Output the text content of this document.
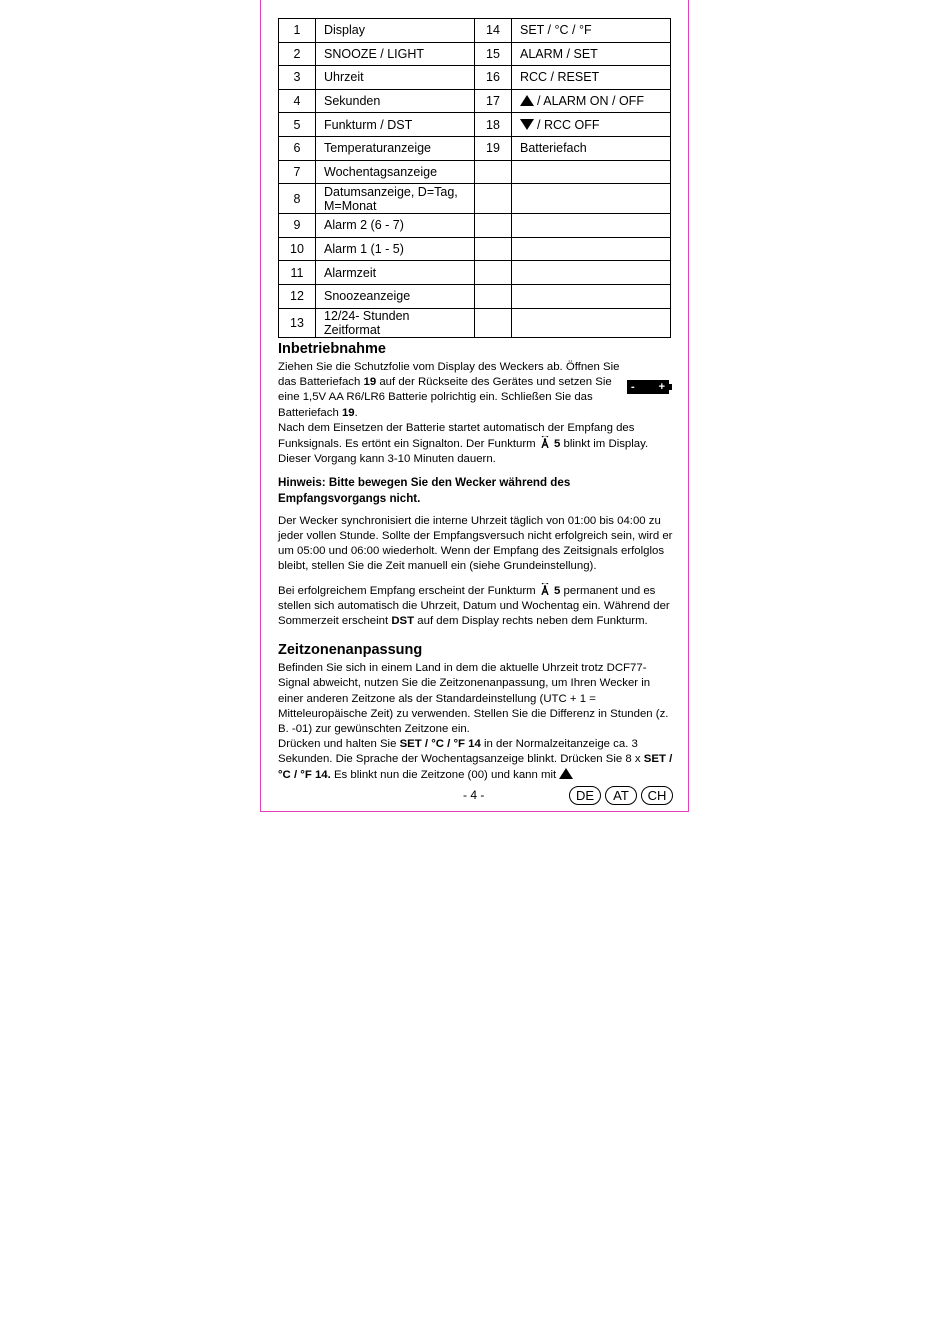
1	Display	14	SET / °C / °F
2	SNOOZE / LIGHT	15	ALARM / SET
3	Uhrzeit	16	RCC / RESET
4	Sekunden	17	/ ALARM ON / OFF
5	Funkturm / DST	18	/ RCC OFF
6	Temperaturanzeige	19	Batteriefach
7	Wochentagsanzeige		
8	Datumsanzeige, D=Tag, M=Monat		
9	Alarm 2 (6 - 7)		
10	Alarm 1 (1 - 5)		
11	Alarmzeit		
12	Snoozeanzeige		
13	12/24- Stunden Zeitformat		
- +
Inbetriebnahme

Ziehen Sie die Schutzfolie vom Display des Weckers ab. Öffnen Sie das Batteriefach 19 auf der Rückseite des Gerätes und setzen Sie eine 1,5V AA R6/LR6 Batterie polrichtig ein. Schließen Sie das Batteriefach 19.

Nach dem Einsetzen der Batterie startet automatisch der Empfang des Funksignals. Es ertönt ein Signalton. Der Funkturm  5 blinkt im Display. Dieser Vorgang kann 3-10 Minuten dauern.

Hinweis: Bitte bewegen Sie den Wecker während des Empfangsvorgangs nicht.

Der Wecker synchronisiert die interne Uhrzeit täglich von 01:00 bis 04:00 zu jeder vollen Stunde. Sollte der Empfangsversuch nicht erfolgreich sein, wird er um 05:00 und 06:00 wiederholt. Wenn der Empfang des Zeitsignals erfolglos bleibt, stellen Sie die Zeit manuell ein (siehe Grundeinstellung).

Bei erfolgreichem Empfang erscheint der Funkturm  5 permanent und es stellen sich automatisch die Uhrzeit, Datum und Wochentag ein. Während der Sommerzeit erscheint DST auf dem Display rechts neben dem Funkturm.

Zeitzonenanpassung

Befinden Sie sich in einem Land in dem die aktuelle Uhrzeit trotz DCF77-Signal abweicht, nutzen Sie die Zeitzonenanpassung, um Ihren Wecker in einer anderen Zeitzone als der Standardeinstellung (UTC + 1 = Mitteleuropäische Zeit) zu verwenden. Stellen Sie die Differenz in Stunden (z. B. -01) zur gewünschten Zeitzone ein.

Drücken und halten Sie SET / °C / °F 14 in der Normalzeitanzeige ca. 3 Sekunden. Die Sprache der Wochentagsanzeige blinkt. Drücken Sie 8 x SET / °C / °F 14. Es blinkt nun die Zeitzone (00) und kann mit

- 4 -	DE	AT	CH
